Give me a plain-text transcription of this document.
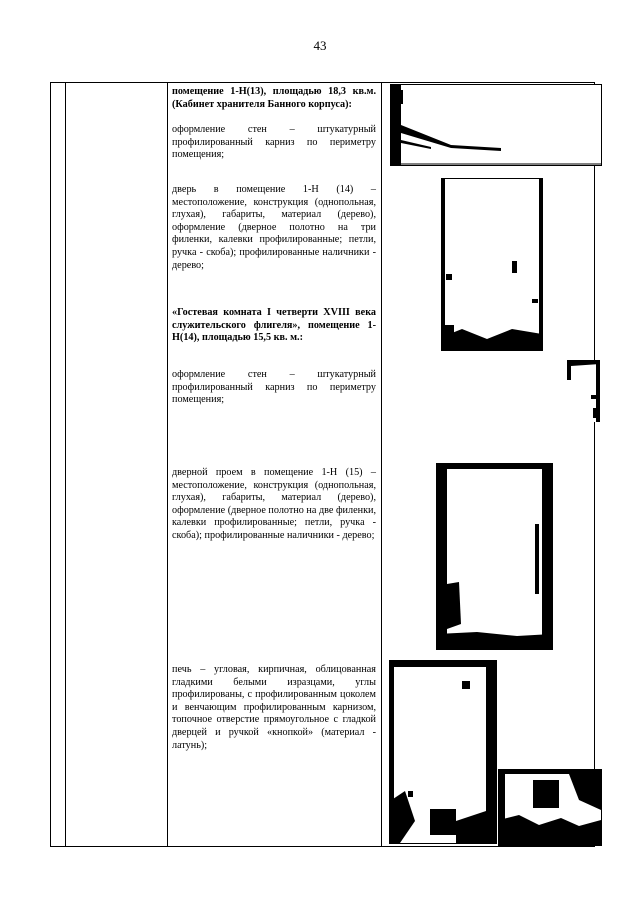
43
помещение 1-Н(13), площадью 18,3 кв.м. (Кабинет хранителя Банного корпуса):
оформление стен – штукатурный профилированный карниз по периметру помещения;
дверь в помещение 1-Н (14) – местоположение, конструкция (однопольная, глухая), габариты, материал (дерево), оформление (дверное полотно на три филенки, калевки профилированные; петли, ручка - скоба); профилированные наличники - дерево;
«Гостевая комната I четверти XVIII века служительского флигеля», помещение 1-Н(14), площадью 15,5 кв. м.:
оформление стен – штукатурный профилированный карниз по периметру помещения;
дверной проем в помещение 1-Н (15) – местоположение, конструкция (однопольная, глухая), габариты, материал (дерево), оформление (дверное полотно на две филенки, калевки профилированные; петли, ручка - скоба); профилированные наличники - дерево;
печь – угловая, кирпичная, облицованная гладкими белыми изразцами, углы профилированы, с профилированным цоколем и венчающим профилированным карнизом, топочное отверстие прямоугольное с гладкой дверцей и ручкой «кнопкой» (материал - латунь);
